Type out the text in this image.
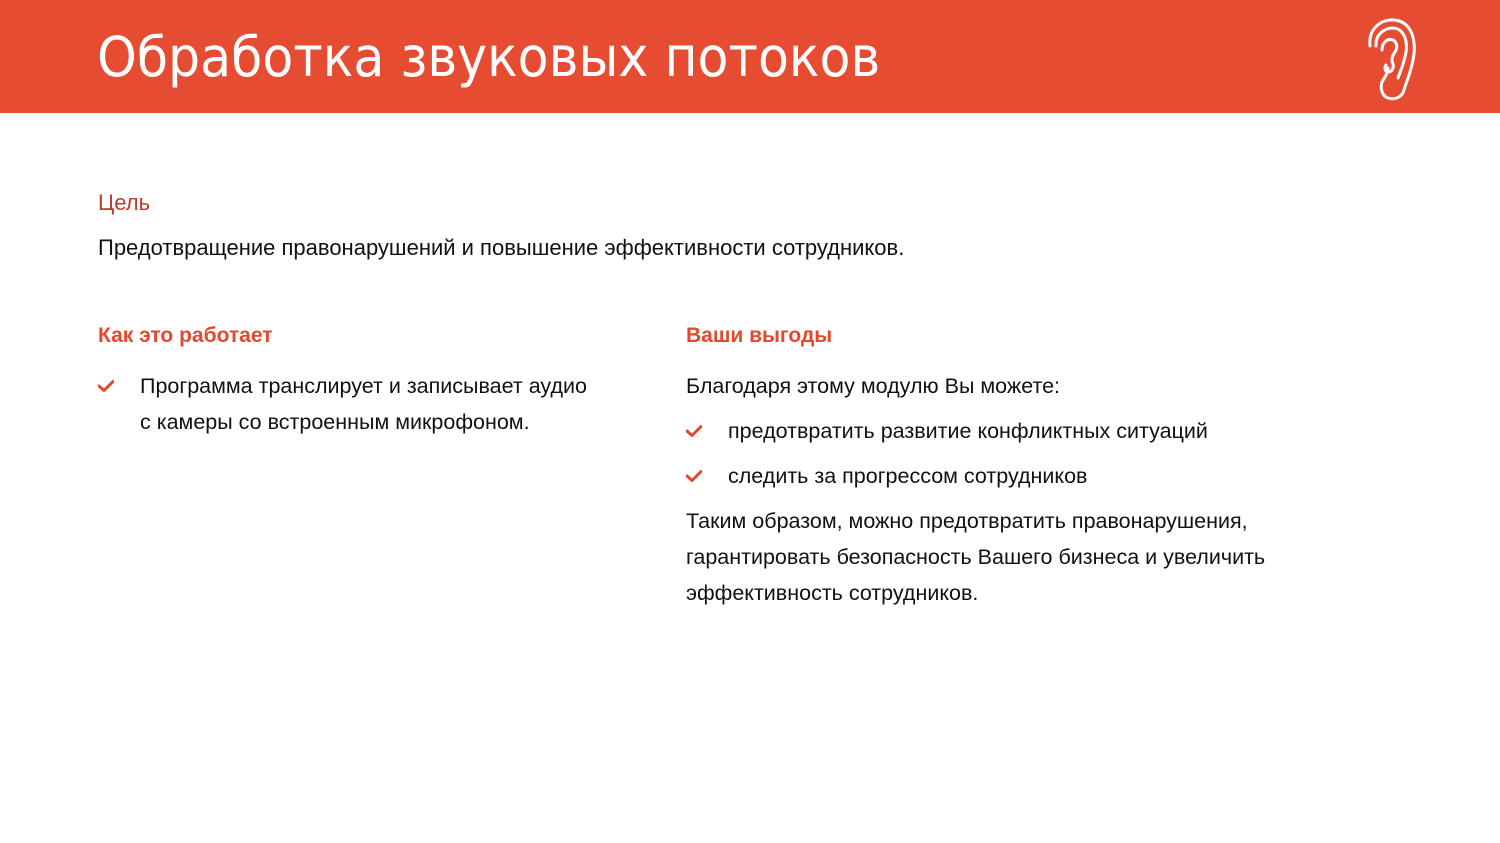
Обработка звуковых потоков
Цель
Предотвращение правонарушений и повышение эффективности сотрудников.
Как это работает
Программа транслирует и записывает аудио с камеры со встроенным микрофоном.
Ваши выгоды

Благодаря этому модулю Вы можете:

предотвратить развитие конфликтных ситуаций
следить за прогрессом сотрудников

Таким образом, можно предотвратить правонарушения, гарантировать безопасность Вашего бизнеса и увеличить эффективность сотрудников.
